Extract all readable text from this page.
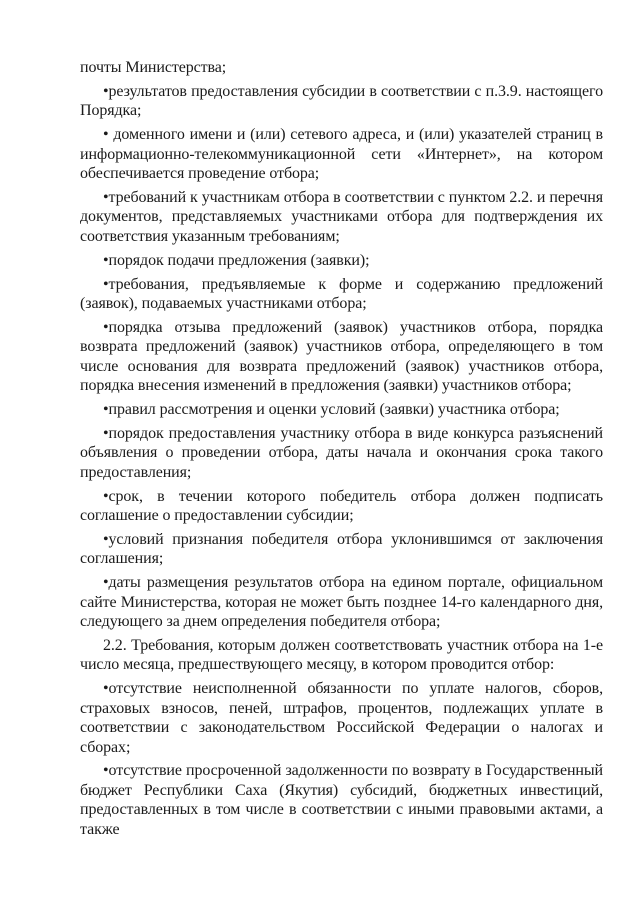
почты Министерства;

•результатов предоставления субсидии в соответствии с п.3.9. настоящего Порядка;

• доменного имени и (или) сетевого адреса, и (или) указателей страниц в информационно-телекоммуникационной сети «Интернет», на котором обеспечивается проведение отбора;

•требований к участникам отбора в соответствии с пунктом 2.2. и перечня документов, представляемых участниками отбора для подтверждения их соответствия указанным требованиям;

•порядок подачи предложения (заявки);

•требования, предъявляемые к форме и содержанию предложений (заявок), подаваемых участниками отбора;

•порядка отзыва предложений (заявок) участников отбора, порядка возврата предложений (заявок) участников отбора, определяющего в том числе основания для возврата предложений (заявок) участников отбора, порядка внесения изменений в предложения (заявки) участников отбора;

•правил рассмотрения и оценки условий (заявки) участника отбора;

•порядок предоставления участнику отбора в виде конкурса разъяснений объявления о проведении отбора, даты начала и окончания срока такого предоставления;

•срок, в течении которого победитель отбора должен подписать соглашение о предоставлении субсидии;

•условий признания победителя отбора уклонившимся от заключения соглашения;

•даты размещения результатов отбора на едином портале, официальном сайте Министерства, которая не может быть позднее 14-го календарного дня, следующего за днем определения победителя отбора;

2.2. Требования, которым должен соответствовать участник отбора на 1-е число месяца, предшествующего месяцу, в котором проводится отбор:

•отсутствие неисполненной обязанности по уплате налогов, сборов, страховых взносов, пеней, штрафов, процентов, подлежащих уплате в соответствии с законодательством Российской Федерации о налогах и сборах;

•отсутствие просроченной задолженности по возврату в Государственный бюджет Республики Саха (Якутия) субсидий, бюджетных инвестиций, предоставленных в том числе в соответствии с иными правовыми актами, а также
